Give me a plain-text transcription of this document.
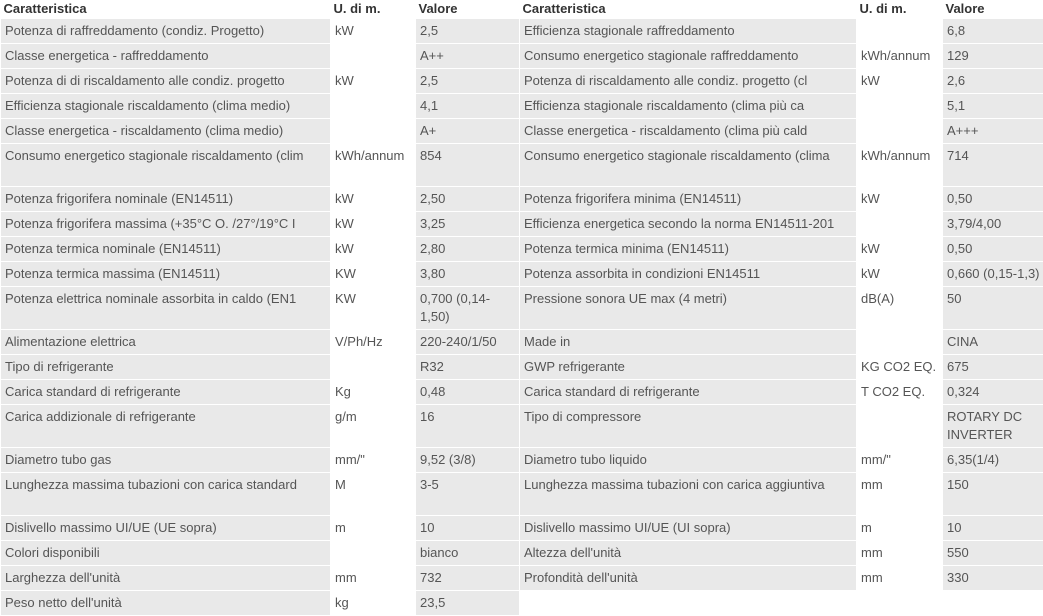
Caratteristica	U. di m.	Valore	Caratteristica	U. di m.	Valore
Potenza di raffreddamento (condiz. Progetto)	kW	2,5	Efficienza stagionale raffreddamento		6,8
Classe energetica - raffreddamento		A++	Consumo energetico stagionale raffreddamento	kWh/annum	129
Potenza di di riscaldamento alle condiz. progetto	kW	2,5	Potenza di riscaldamento alle condiz. progetto (cl	kW	2,6
Efficienza stagionale riscaldamento (clima medio)		4,1	Efficienza stagionale riscaldamento (clima più ca		5,1
Classe energetica - riscaldamento (clima medio)		A+	Classe energetica - riscaldamento (clima più cald		A+++
Consumo energetico stagionale riscaldamento (clim	kWh/annum	854	Consumo energetico stagionale riscaldamento (clima	kWh/annum	714
Potenza frigorifera nominale (EN14511)	kW	2,50	Potenza frigorifera minima (EN14511)	kW	0,50
Potenza frigorifera massima (+35°C O. /27°/19°C I	kW	3,25	Efficienza energetica secondo la norma EN14511-201		3,79/4,00
Potenza termica nominale (EN14511)	kW	2,80	Potenza termica minima (EN14511)	kW	0,50
Potenza termica massima (EN14511)	KW	3,80	Potenza assorbita in condizioni EN14511	kW	0,660 (0,15-1,3)
Potenza elettrica nominale assorbita in caldo (EN1	KW	0,700 (0,14-1,50)	Pressione sonora UE max (4 metri)	dB(A)	50
Alimentazione elettrica	V/Ph/Hz	220-240/1/50	Made in		CINA
Tipo di refrigerante		R32	GWP refrigerante	KG CO2 EQ.	675
Carica standard di refrigerante	Kg	0,48	Carica standard di refrigerante	T CO2 EQ.	0,324
Carica addizionale di refrigerante	g/m	16	Tipo di compressore		ROTARY DC INVERTER
Diametro tubo gas	mm/"	9,52 (3/8)	Diametro tubo liquido	mm/"	6,35(1/4)
Lunghezza massima tubazioni con carica standard	M	3-5	Lunghezza massima tubazioni con carica aggiuntiva	mm	150
Dislivello massimo UI/UE (UE sopra)	m	10	Dislivello massimo UI/UE (UI sopra)	m	10
Colori disponibili		bianco	Altezza dell'unità	mm	550
Larghezza dell'unità	mm	732	Profondità dell'unità	mm	330
Peso netto dell'unità	kg	23,5			
